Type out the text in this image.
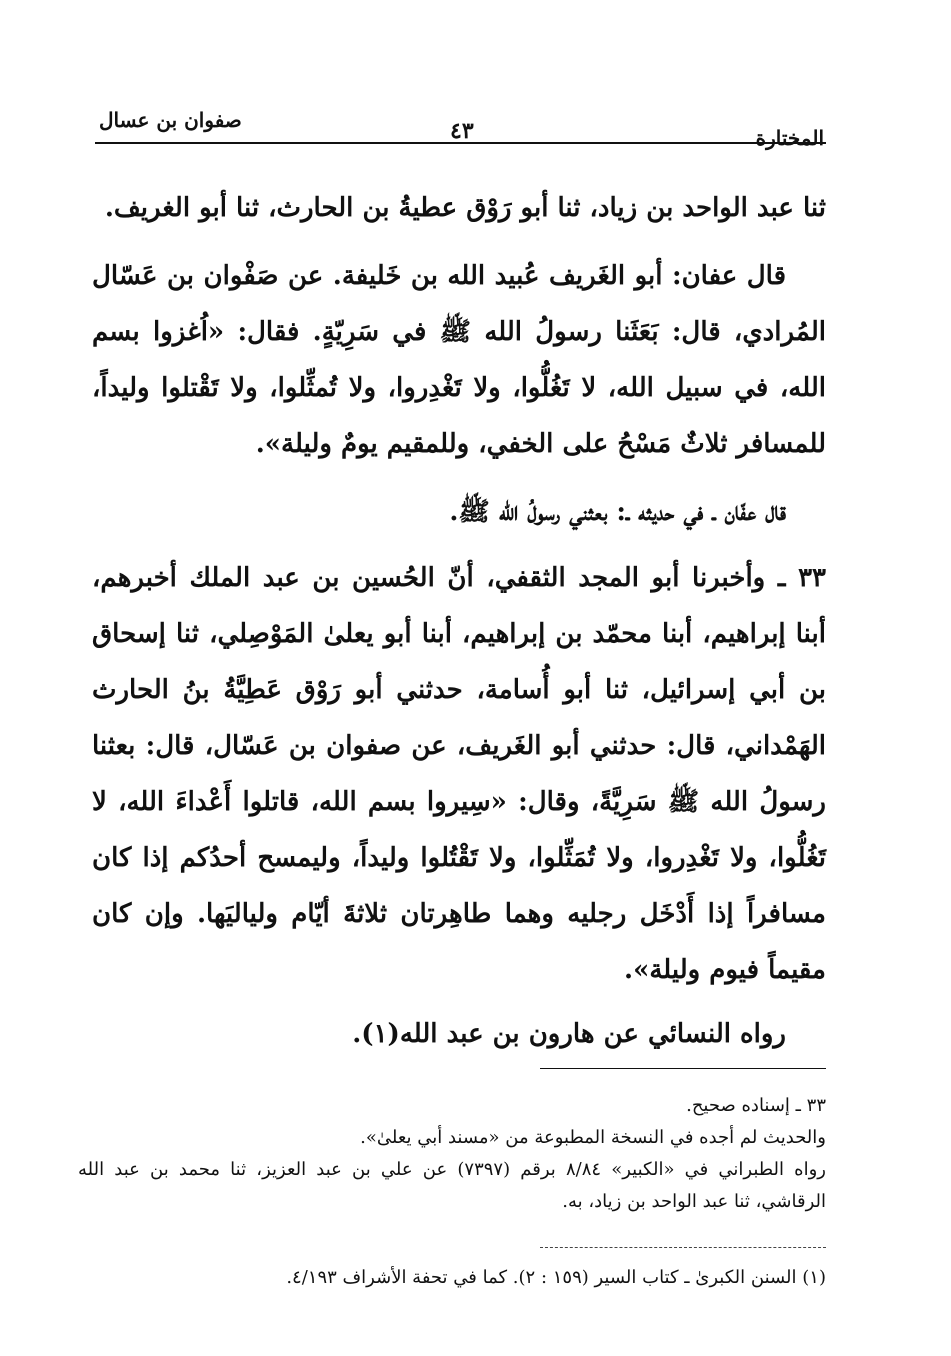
المختارة
٤٣
صفوان بن عسال

ثنا عبد الواحد بن زياد، ثنا أبو رَوْق عطيةُ بن الحارث، ثنا أبو الغريف.

قال عفان: أبو الغَريف عُبيد الله بن خَليفة. عن صَفْوان بن عَسّال المُرادي، قال: بَعَثَنا رسولُ الله ﷺ في سَرِيّةٍ. فقال: «اُغزوا بسم الله، في سبيل الله، لا تَغُلُّوا، ولا تَغْدِروا، ولا تُمثِّلوا، ولا تَقْتلوا وليداً، للمسافر ثلاثٌ مَسْحُ على الخفي، وللمقيم يومٌ وليلة».

قال عفّان ـ في حديثه ـ: بعثني رسولُ الله ﷺ.

٣٣ ـ وأخبرنا أبو المجد الثقفي، أنّ الحُسين بن عبد الملك أخبرهم، أبنا إبراهيم، أبنا محمّد بن إبراهيم، أبنا أبو يعلىٰ المَوْصِلي، ثنا إسحاق بن أبي إسرائيل، ثنا أبو أُسامة، حدثني أبو رَوْق عَطِيَّةُ بنُ الحارث الهَمْداني، قال: حدثني أبو الغَريف، عن صفوان بن عَسّال، قال: بعثنا رسولُ الله ﷺ سَرِيَّةً، وقال: «سِيروا بسم الله، قاتلوا أَعْداءَ الله، لا تَغُلُّوا، ولا تَغْدِروا، ولا تُمَثِّلوا، ولا تَقْتُلوا وليداً، وليمسح أحدُكم إذا كان مسافراً إذا أَدْخَل رجليه وهما طاهِرتان ثلاثةَ أيّام ولياليَها. وإن كان مقيماً فيوم وليلة».

رواه النسائي عن هارون بن عبد الله(١).

٣٣ ـ إسناده صحيح.

والحديث لم أجده في النسخة المطبوعة من «مسند أبي يعلىٰ».

رواه الطبراني في «الكبير» ٨/٨٤ برقم (٧٣٩٧) عن علي بن عبد العزيز، ثنا محمد بن عبد الله الرقاشي، ثنا عبد الواحد بن زياد، به.

(١) السنن الكبرىٰ ـ كتاب السير (١٥٩ : ٢). كما في تحفة الأشراف ٤/١٩٣.
